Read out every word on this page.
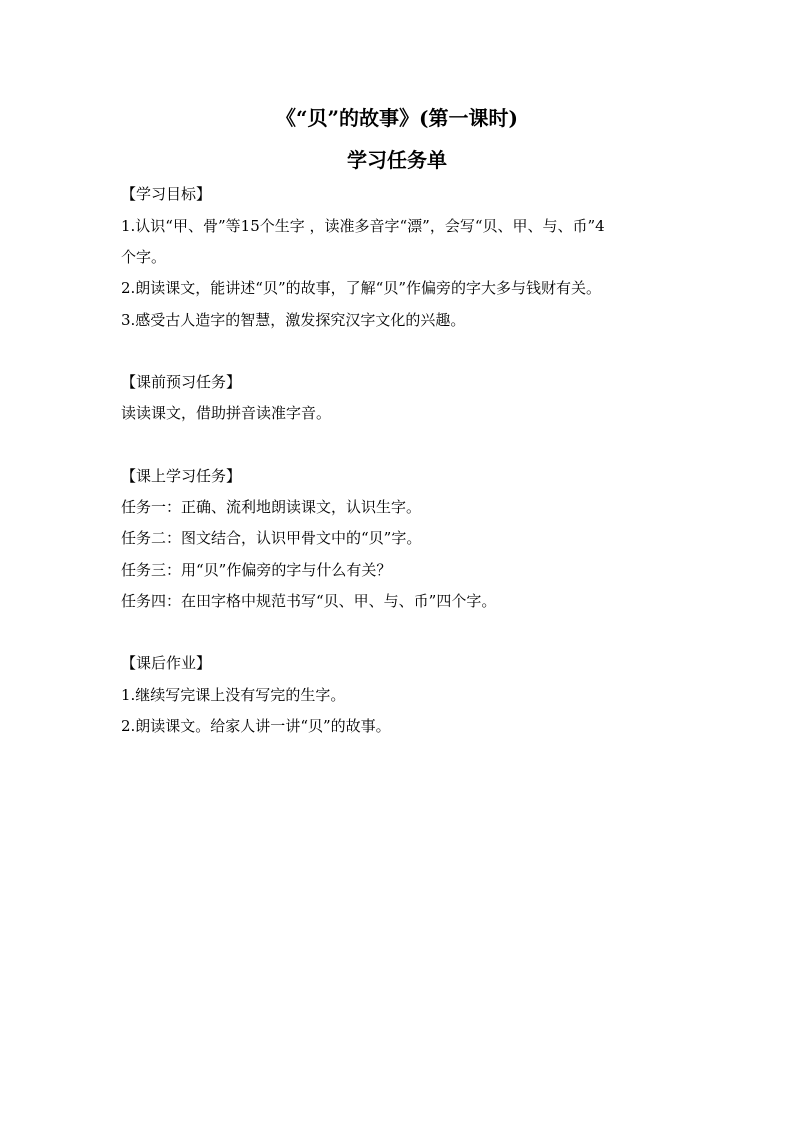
《“贝”的故事》(第一课时)
学习任务单
【学习目标】
1.认识“甲、骨”等15个生字 ，读准多音字“漂”，会写“贝、甲、与、币”4
个字。
2.朗读课文，能讲述“贝”的故事，了解“贝”作偏旁的字大多与钱财有关。
3.感受古人造字的智慧，激发探究汉字文化的兴趣。
【课前预习任务】
读读课文，借助拼音读准字音。
【课上学习任务】
任务一：正确、流利地朗读课文，认识生字。
任务二：图文结合，认识甲骨文中的“贝”字。
任务三：用“贝”作偏旁的字与什么有关？
任务四：在田字格中规范书写“贝、甲、与、币”四个字。
【课后作业】
1.继续写完课上没有写完的生字。
2.朗读课文。给家人讲一讲“贝”的故事。
